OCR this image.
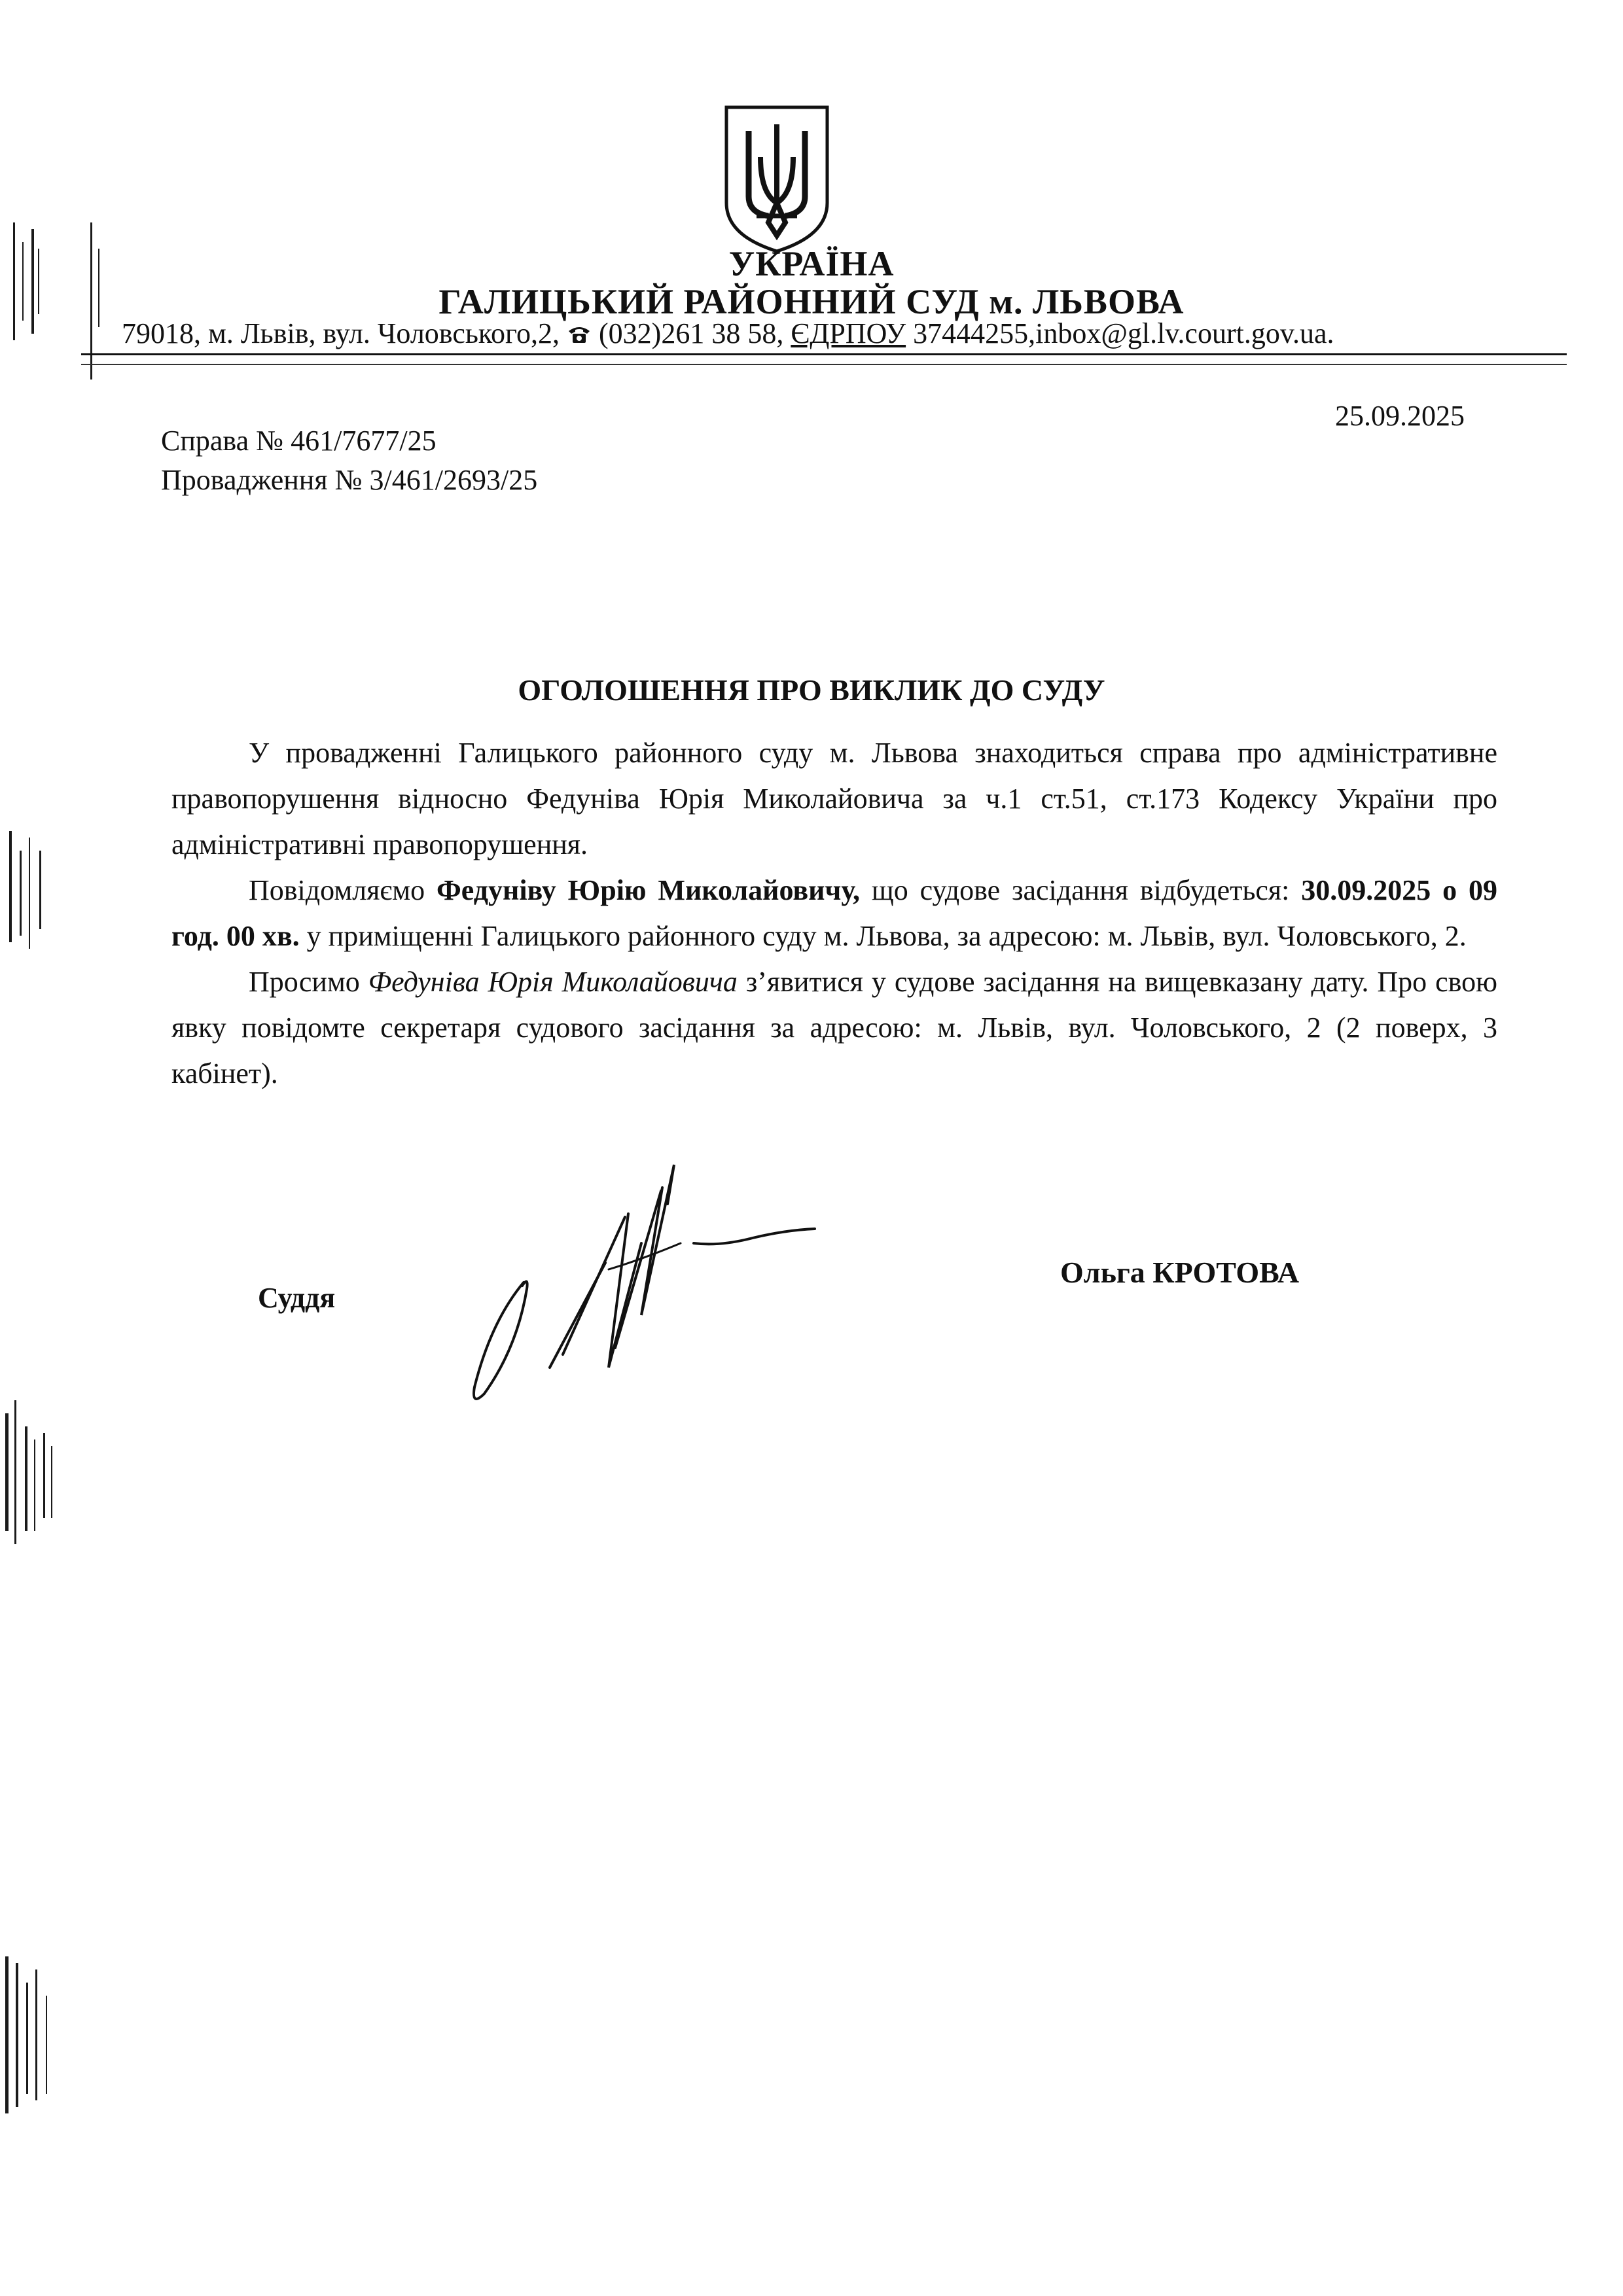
УКРАЇНА
ГАЛИЦЬКИЙ РАЙОННИЙ СУД м. ЛЬВОВА
79018, м. Львів, вул. Чоловського,2, (032)261 38 58, ЄДРПОУ 37444255,inbox@gl.lv.court.gov.ua.
25.09.2025
Справа № 461/7677/25
Провадження № 3/461/2693/25
ОГОЛОШЕННЯ ПРО ВИКЛИК ДО СУДУ

У провадженні Галицького районного суду м. Львова знаходиться справа про адміністративне правопорушення відносно Федуніва Юрія Миколайовича за ч.1 ст.51, ст.173 Кодексу України про адміністративні правопорушення.

Повідомляємо Федуніву Юрію Миколайовичу, що судове засідання відбудеться: 30.09.2025 о 09 год. 00 хв. у приміщенні Галицького районного суду м. Львова, за адресою: м. Львів, вул. Чоловського, 2.

Просимо Федуніва Юрія Миколайовича з’явитися у судове засідання на вищевказану дату. Про свою явку повідомте секретаря судового засідання за адресою: м. Львів, вул. Чоловського, 2 (2 поверх, 3 кабінет).

Суддя
Ольга КРОТОВА
